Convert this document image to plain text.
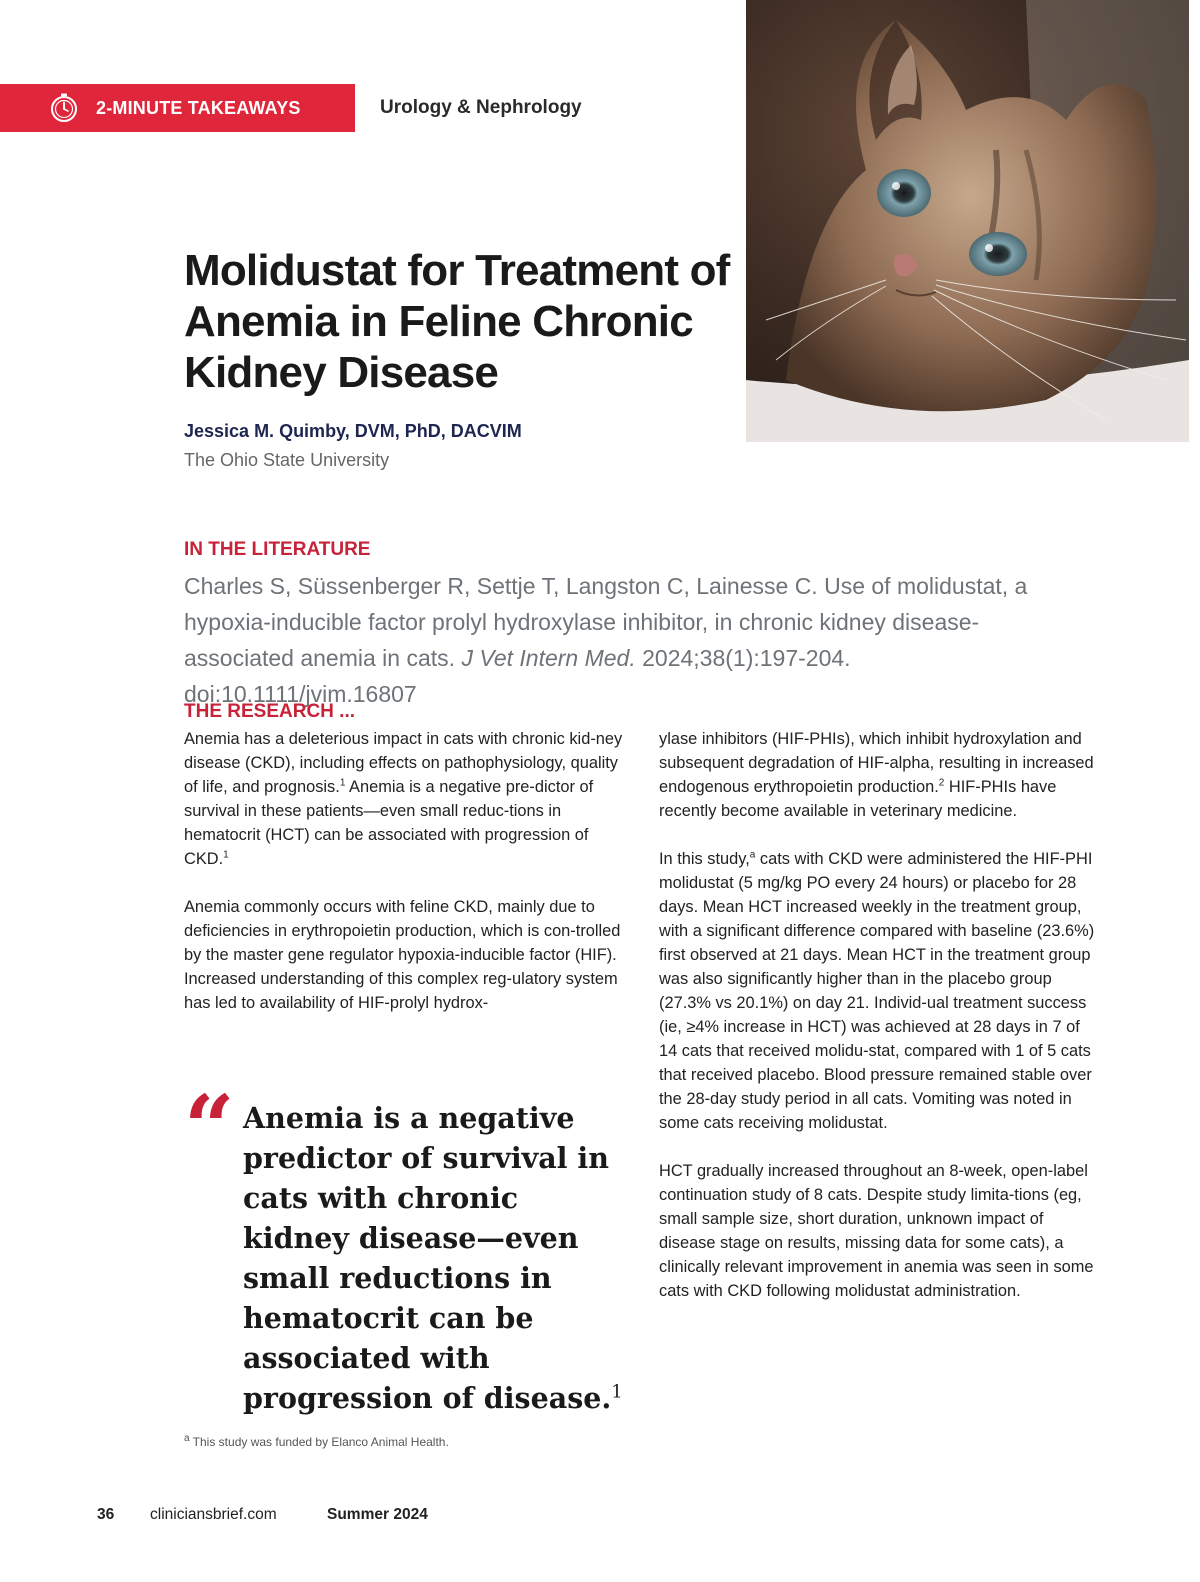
2-MINUTE TAKEAWAYS	Urology & Nephrology
Molidustat for Treatment of Anemia in Feline Chronic Kidney Disease
Jessica M. Quimby, DVM, PhD, DACVIM
The Ohio State University
IN THE LITERATURE
Charles S, Süssenberger R, Settje T, Langston C, Lainesse C. Use of molidustat, a hypoxia-inducible factor prolyl hydroxylase inhibitor, in chronic kidney disease-associated anemia in cats. J Vet Intern Med. 2024;38(1):197-204. doi:10.1111/jvim.16807
THE RESEARCH ...

Anemia has a deleterious impact in cats with chronic kid-ney disease (CKD), including effects on pathophysiology, quality of life, and prognosis.$^1$ Anemia is a negative pre-dictor of survival in these patients—even small reduc-tions in hematocrit (HCT) can be associated with progression of CKD.$^1$

Anemia commonly occurs with feline CKD, mainly due to deficiencies in erythropoietin production, which is con-trolled by the master gene regulator hypoxia-inducible factor (HIF). Increased understanding of this complex reg-ulatory system has led to availability of HIF-prolyl hydrox-

ylase inhibitors (HIF-PHIs), which inhibit hydroxylation and subsequent degradation of HIF-alpha, resulting in increased endogenous erythropoietin production.$^2$ HIF-PHIs have recently become available in veterinary medicine.

In this study,$^a$ cats with CKD were administered the HIF-PHI molidustat (5 mg/kg PO every 24 hours) or placebo for 28 days. Mean HCT increased weekly in the treatment group, with a significant difference compared with baseline (23.6%) first observed at 21 days. Mean HCT in the treatment group was also significantly higher than in the placebo group (27.3% vs 20.1%) on day 21. Individ-ual treatment success (ie, ≥4% increase in HCT) was achieved at 28 days in 7 of 14 cats that received molidu-stat, compared with 1 of 5 cats that received placebo. Blood pressure remained stable over the 28-day study period in all cats. Vomiting was noted in some cats receiving molidustat.

HCT gradually increased throughout an 8-week, open-label continuation study of 8 cats. Despite study limita-tions (eg, small sample size, short duration, unknown impact of disease stage on results, missing data for some cats), a clinically relevant improvement in anemia was seen in some cats with CKD following molidustat administration.

“ Anemia is a negative predictor of survival in cats with chronic kidney disease—even small reductions in hematocrit can be associated with progression of disease.$^1$
$^a$ This study was funded by Elanco Animal Health.
36 cliniciansbrief.com	Summer 2024
